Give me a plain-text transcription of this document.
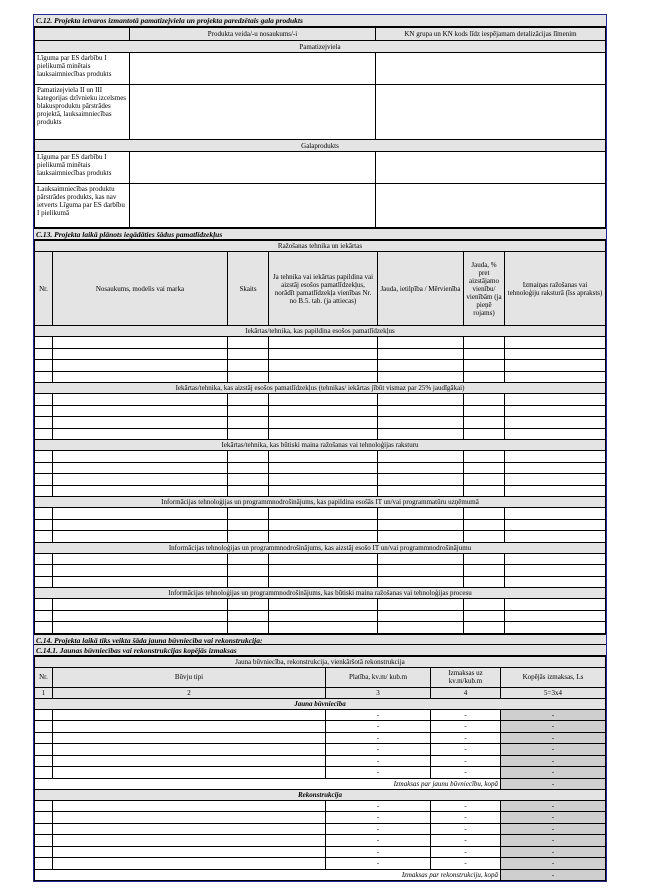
C.12. Projekta ietvaros izmantotā pamatizejviela un projekta paredzētais gala produkts
	Produkta veida/-u nosaukums/-i	KN grupa un KN kods līdz iespējamam detalizācijas līmenim
Pamatizejviela		
Līguma par ES darbību I pielikumā minētais lauksaimniecības produkts		
Pamatizejviela II un III kategorijas dzīvnieku izcelsmes blakusproduktu pārstrādes projektā, lauksaimniecības produkts		
Galaprodukts		
Līguma par ES darbību I pielikumā minētais lauksaimniecības produkts		
Lauksaimniecības produktu pārstrādes produkts, kas nav ietverts Līguma par ES darbību I pielikumā		
C.13. Projekta laikā plānots iegādāties šādus pamatlīdzekļus
Ražošanas tehnika un iekārtas						
Nr.	Nosaukums, modelis vai marka	Skaits	Ja tehnika vai iekārtas papildina vai aizstāj esošos pamatlīdzekļus, norādīt pamatlīdzekļa vienības Nr. no B.5. tab. (ja attiecas)	Jauda, ietilpība / Mērvienība	Jauda, % pret aizstājamo vienību/ vienībām (ja pieņē rojams)	Izmaiņas ražošanas vai tehnoloģiju raksturā (īss apraksts)
Iekārtas/tehnika, kas papildina esošos pamatlīdzekļus						

Iekārtas/tehnika, kas aizstāj esošos pamatlīdzekļus (tehnikas/ iekārtas jībūt vismaz par 25% jaudīgākai)						

Iekārtas/tehnika, kas būtiski maina ražošanas vai tehnoloģijas raksturu						

Informācijas tehnoloģijas un programmnodrošinājums, kas papildina esošās IT un/vai programmatūru uzņēmumā						

Informācijas tehnoloģijas un programmnodrošinājums, kas aizstāj esošo IT un/vai programmnodrošinājumu						

Informācijas tehnoloģijas un programmnodrošinājums, kas būtiski maina ražošanas vai tehnoloģijas procesu						

C.14. Projekta laikā tiks veikta šāda jauna būvniecība vai rekonstrukcija:
C.14.1. Jaunas būvniecības vai rekonstrukcijas kopējās izmaksas
Jauna būvniecība, rekonstrukcija, vienkāršotā rekonstrukcija				
Nr.	Būvju tipi	Platība, kv.m/ kub.m	Izmaksas uz kv.m/kub.m	Kopējās izmaksas, Ls
1	2	3	4	5=3x4
Jauna būvniecība				
		-	-	-
		-	-	-
		-	-	-
		-	-	-
		-	-	-
		-	-	-
Izmaksas par jaunu būvniecību, kopā				-
Rekonstrukcija				
		-	-	-
		-	-	-
		-	-	-
		-	-	-
		-	-	-
		-	-	-
Izmaksas par rekonstrukciju, kopā				-
